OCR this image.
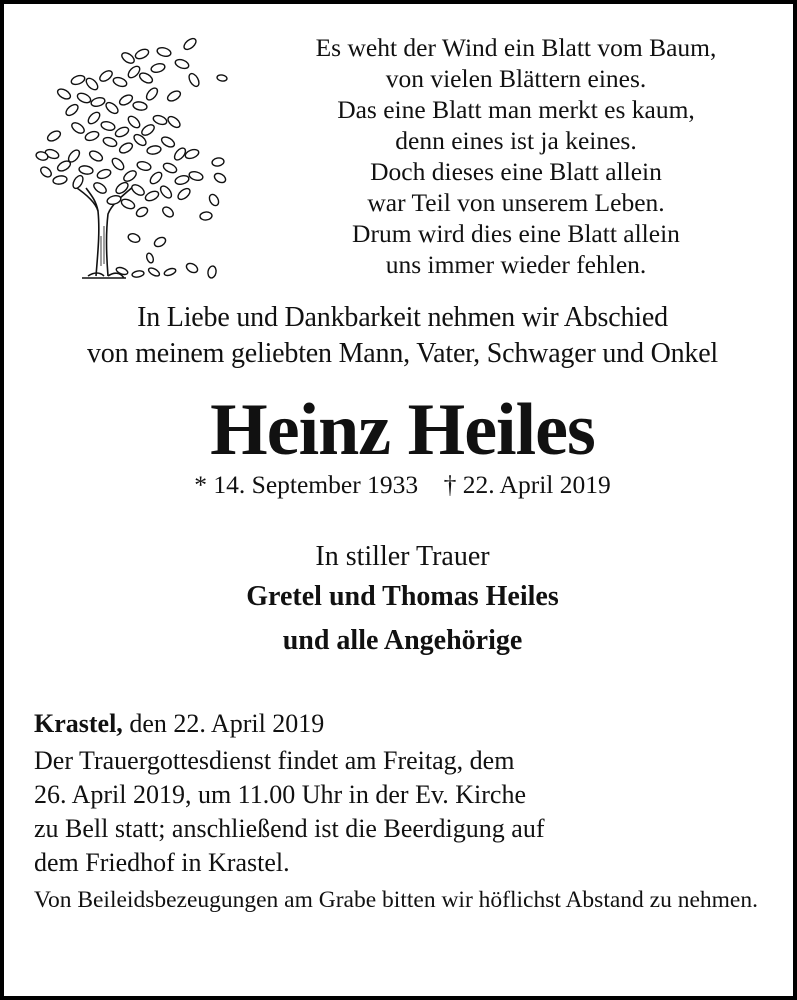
Es weht der Wind ein Blatt vom Baum,
von vielen Blättern eines.
Das eine Blatt man merkt es kaum,
denn eines ist ja keines.
Doch dieses eine Blatt allein
war Teil von unserem Leben.
Drum wird dies eine Blatt allein
uns immer wieder fehlen.
In Liebe und Dankbarkeit nehmen wir Abschied
von meinem geliebten Mann, Vater, Schwager und Onkel
Heinz Heiles
* 14. September 1933    † 22. April 2019
In stiller Trauer
Gretel und Thomas Heiles
und alle Angehörige
Krastel, den 22. April 2019
Der Trauergottesdienst findet am Freitag, dem
26. April 2019, um 11.00 Uhr in der Ev. Kirche
zu Bell statt; anschließend ist die Beerdigung auf
dem Friedhof in Krastel.
Von Beileidsbezeugungen am Grabe bitten wir höflichst Abstand zu nehmen.
